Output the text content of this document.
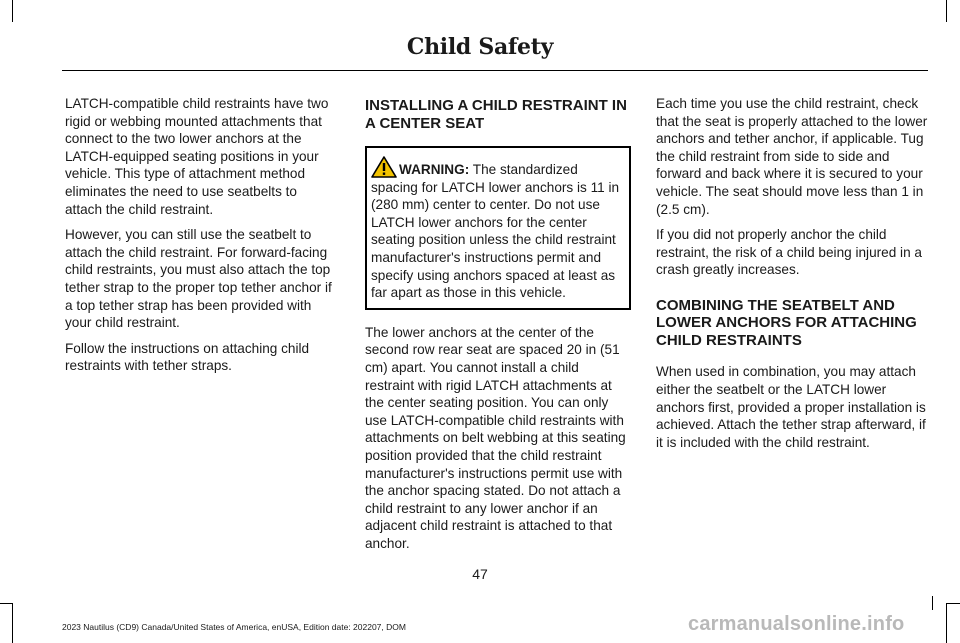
Child Safety

LATCH-compatible child restraints have two rigid or webbing mounted attachments that connect to the two lower anchors at the LATCH-equipped seating positions in your vehicle. This type of attachment method eliminates the need to use seatbelts to attach the child restraint.

However, you can still use the seatbelt to attach the child restraint. For forward-facing child restraints, you must also attach the top tether strap to the proper top tether anchor if a top tether strap has been provided with your child restraint.

Follow the instructions on attaching child restraints with tether straps.

INSTALLING A CHILD RESTRAINT IN A CENTER SEAT
WARNING: The standardized spacing for LATCH lower anchors is 11 in (280 mm) center to center. Do not use LATCH lower anchors for the center seating position unless the child restraint manufacturer's instructions permit and specify using anchors spaced at least as far apart as those in this vehicle.

The lower anchors at the center of the second row rear seat are spaced 20 in (51 cm) apart. You cannot install a child restraint with rigid LATCH attachments at the center seating position. You can only use LATCH-compatible child restraints with attachments on belt webbing at this seating position provided that the child restraint manufacturer's instructions permit use with the anchor spacing stated. Do not attach a child restraint to any lower anchor if an adjacent child restraint is attached to that anchor.

Each time you use the child restraint, check that the seat is properly attached to the lower anchors and tether anchor, if applicable. Tug the child restraint from side to side and forward and back where it is secured to your vehicle. The seat should move less than 1 in (2.5 cm).

If you did not properly anchor the child restraint, the risk of a child being injured in a crash greatly increases.

COMBINING THE SEATBELT AND LOWER ANCHORS FOR ATTACHING CHILD RESTRAINTS

When used in combination, you may attach either the seatbelt or the LATCH lower anchors first, provided a proper installation is achieved. Attach the tether strap afterward, if it is included with the child restraint.

47
2023 Nautilus (CD9) Canada/United States of America, enUSA, Edition date: 202207, DOM	carmanualsonline.info
